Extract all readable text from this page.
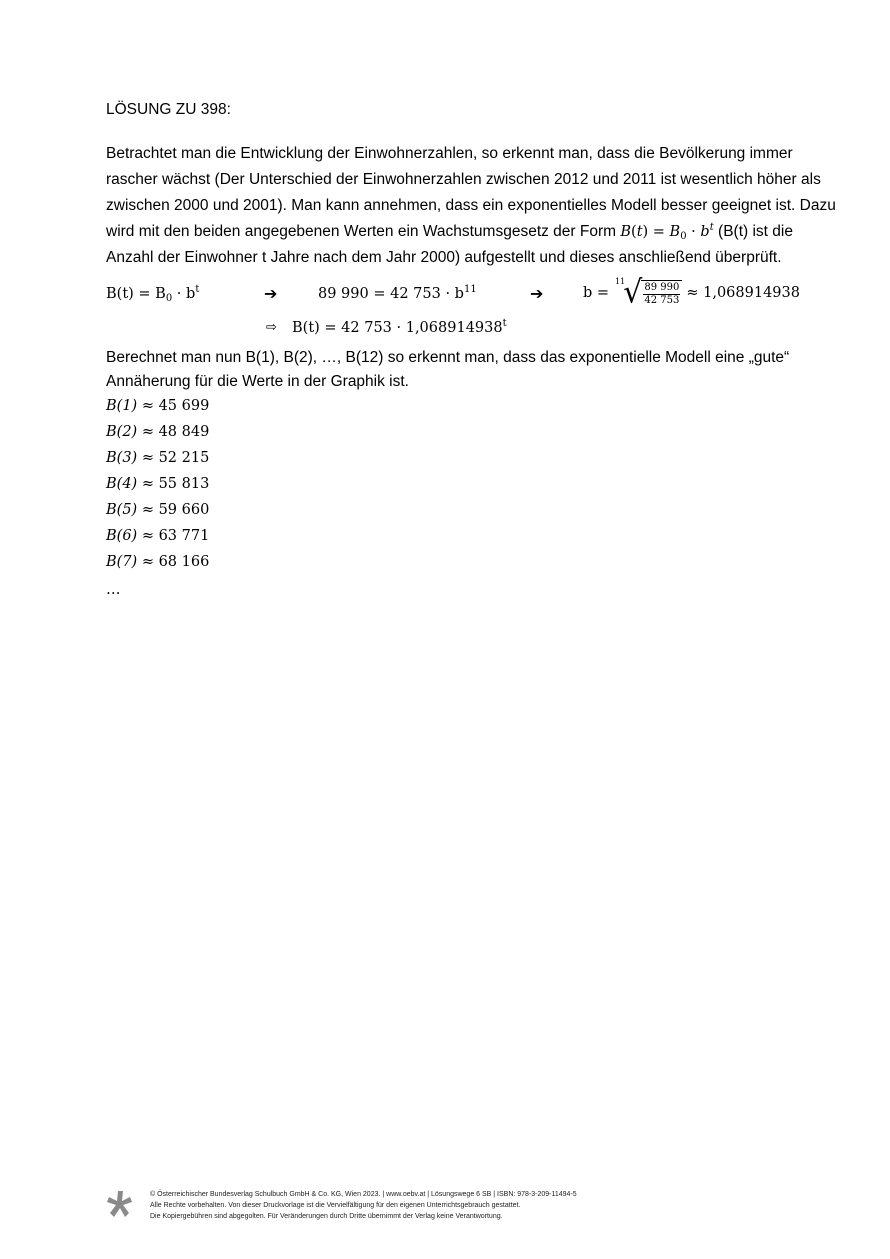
LÖSUNG ZU 398:
Betrachtet man die Entwicklung der Einwohnerzahlen, so erkennt man, dass die Bevölkerung immer
rascher wächst (Der Unterschied der Einwohnerzahlen zwischen 2012 und 2011 ist wesentlich höher als
zwischen 2000 und 2001). Man kann annehmen, dass ein exponentielles Modell besser geeignet ist. Dazu
wird mit den beiden angegebenen Werten ein Wachstumsgesetz der Form $B(t) = B_0 \cdot b^t$ (B(t) ist die
Anzahl der Einwohner t Jahre nach dem Jahr 2000) aufgestellt und dieses anschließend überprüft.
$B(t) = B_0 \cdot b^t$	➔	89 990 = 42 $753 \cdot b^{11}$	➔	b =
11
√ $\frac{89 990}{42 753} \approx 1,068914938$
⇨ B(t) = 42 $753 \cdot 1,068914938^t$
Berechnet man nun B(1), B(2), …, B(12) so erkennt man, dass das exponentielle Modell eine „gute“
Annäherung für die Werte in der Graphik ist.
B(1) ≈ 45 699
B(2) ≈ 48 849
B(3) ≈ 52 215
B(4) ≈ 55 813
B(5) ≈ 59 660
B(6) ≈ 63 771
B(7) ≈ 68 166
…
© Österreichischer Bundesverlag Schulbuch GmbH & Co. KG, Wien 2023. | www.oebv.at | Lösungswege 6 SB | ISBN: 978-3-209-11494-5
Alle Rechte vorbehalten. Von dieser Druckvorlage ist die Vervielfältigung für den eigenen Unterrichtsgebrauch gestattet.
Die Kopiergebühren sind abgegolten. Für Veränderungen durch Dritte übernimmt der Verlag keine Verantwortung.
